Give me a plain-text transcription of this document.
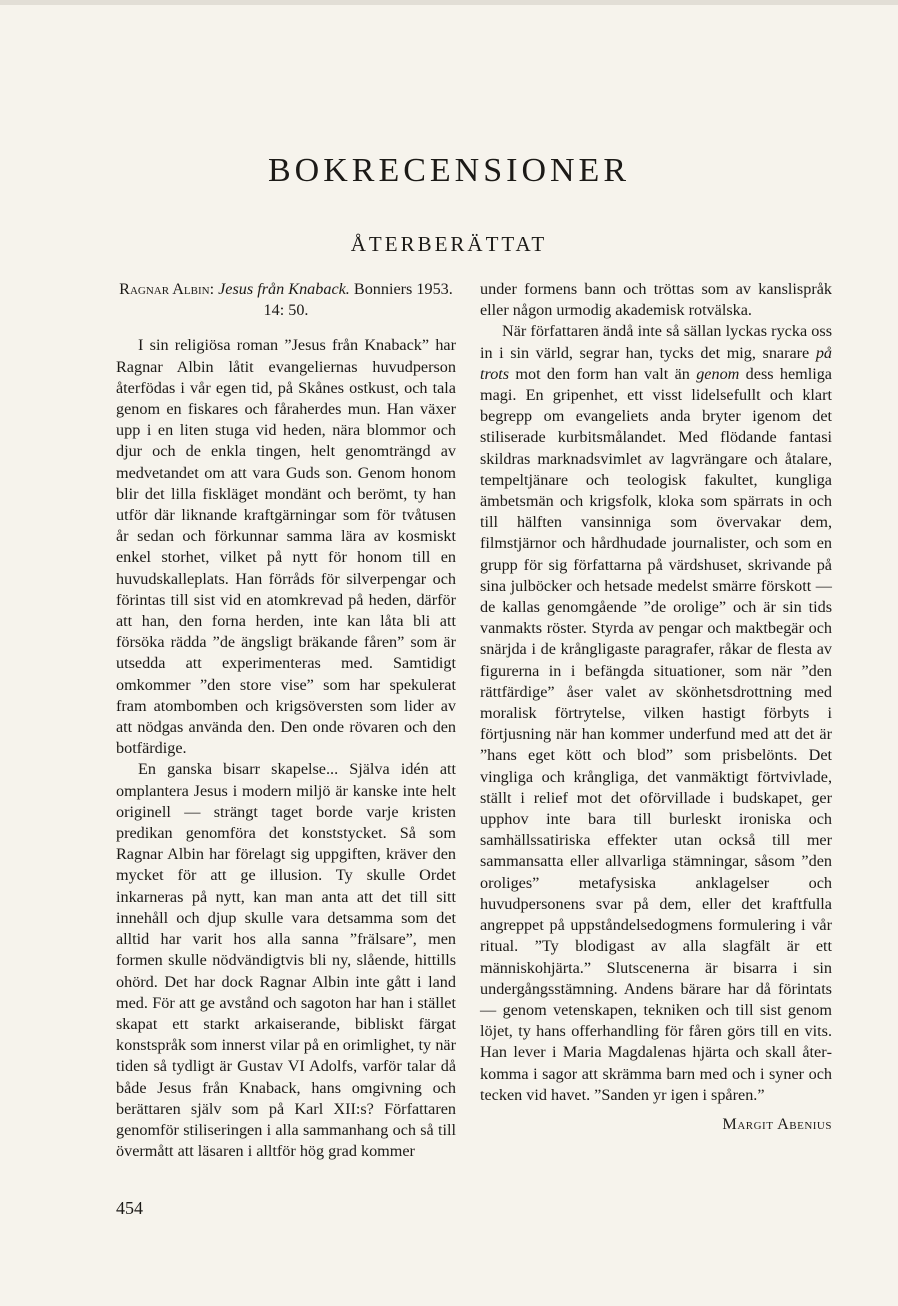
BOKRECENSIONER
ÅTERBERÄTTAT

Ragnar Albin: Jesus från Knaback. Bonniers 1953. 14: 50.

I sin religiösa roman ”Jesus från Knaback” har Ragnar Albin låtit evangeliernas huvudperson återfödas i vår egen tid, på Skånes ostkust, och tala genom en fiskares och fåraherdes mun. Han växer upp i en liten stuga vid heden, nära blommor och djur och de enkla tingen, helt genomträngd av medvetandet om att vara Guds son. Genom honom blir det lilla fiskläget mondänt och berömt, ty han utför där liknande kraftgärningar som för tvåtusen år sedan och förkunnar samma lära av kosmiskt enkel storhet, vilket på nytt för honom till en huvudskalleplats. Han förråds för silverpengar och förintas till sist vid en atomkrevad på heden, därför att han, den forna herden, inte kan låta bli att försöka rädda ”de ängsligt bräkande fåren” som är utsedda att experimenteras med. Samtidigt omkommer ”den store vise” som har spekulerat fram atombomben och krigsöversten som lider av att nödgas använda den. Den onde rövaren och den botfärdige.

En ganska bisarr skapelse... Själva idén att omplantera Jesus i modern miljö är kanske inte helt originell — strängt taget borde varje kristen predikan genomföra det konststycket. Så som Ragnar Albin har förelagt sig uppgiften, kräver den mycket för att ge illusion. Ty skulle Ordet inkarneras på nytt, kan man anta att det till sitt innehåll och djup skulle vara detsamma som det alltid har varit hos alla sanna ”frälsare”, men formen skulle nödvändigtvis bli ny, slående, hittills ohörd. Det har dock Ragnar Albin inte gått i land med. För att ge avstånd och sagoton har han i stället skapat ett starkt arkaiserande, bibliskt färgat konstspråk som innerst vilar på en orimlighet, ty när tiden så tydligt är Gustav VI Adolfs, varför talar då både Jesus från Knaback, hans omgivning och berättaren själv som på Karl XII:s? Författaren genomför stiliseringen i alla sammanhang och så till övermått att läsaren i alltför hög grad kommer

under formens bann och tröttas som av kanslispråk eller någon urmodig akademisk rotvälska.

När författaren ändå inte så sällan lyckas rycka oss in i sin värld, segrar han, tycks det mig, snarare på trots mot den form han valt än genom dess hemliga magi. En gripenhet, ett visst lidelsefullt och klart begrepp om evangeliets anda bryter igenom det stiliserade kurbitsmålandet. Med flödande fantasi skildras marknadsvimlet av lagvrängare och åtalare, tempeltjänare och teologisk fakultet, kungliga ämbetsmän och krigsfolk, kloka som spärrats in och till hälften vansinniga som övervakar dem, filmstjärnor och hårdhudade journalister, och som en grupp för sig författarna på värdshuset, skrivande på sina julböcker och hetsade medelst smärre förskott — de kallas genomgående ”de orolige” och är sin tids vanmakts röster. Styrda av pengar och maktbegär och snärjda i de krångligaste paragrafer, råkar de flesta av figurerna in i befängda situationer, som när ”den rättfärdige” åser valet av skönhetsdrottning med moralisk förtrytelse, vilken hastigt förbyts i förtjusning när han kommer underfund med att det är ”hans eget kött och blod” som prisbelönts. Det vingliga och krångliga, det vanmäktigt förtvivlade, ställt i relief mot det oförvillade i budskapet, ger upphov inte bara till burleskt ironiska och samhällssatiriska effekter utan också till mer sammansatta eller allvarliga stämningar, såsom ”den oroliges” metafysiska anklagelser och huvudpersonens svar på dem, eller det kraftfulla angreppet på uppståndelsedogmens formulering i vår ritual. ”Ty blodigast av alla slagfält är ett människohjärta.” Slutscenerna är bisarra i sin undergångsstämning. Andens bärare har då förintats — genom vetenskapen, tekniken och till sist genom löjet, ty hans offerhandling för fåren görs till en vits. Han lever i Maria Magdalenas hjärta och skall återkomma i sagor att skrämma barn med och i syner och tecken vid havet. ”Sanden yr igen i spåren.”

Margit Abenius

454
